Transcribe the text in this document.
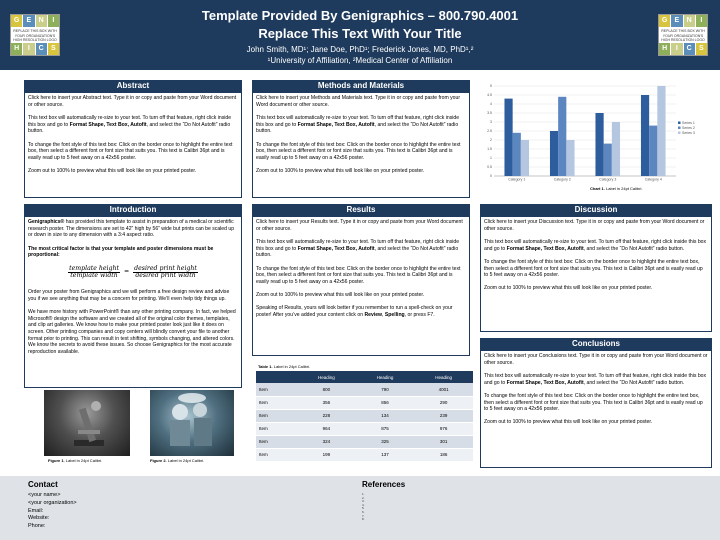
G	E	N	I
REPLACE THIS BOX WITH YOUR ORGANIZATION'S HIGH RESOLUTION LOGO
H	I	C	S
Template Provided By Genigraphics – 800.790.4001
Replace This Text With Your Title
John Smith, MD¹; Jane Doe, PhD¹; Frederick Jones, MD, PhD¹,²
¹University of Affiliation, ²Medical Center of Affiliation
G	E	N	I
REPLACE THIS BOX WITH YOUR ORGANIZATION'S HIGH RESOLUTION LOGO
H	I	C	S
Abstract

Click here to insert your Abstract text. Type it in or copy and paste from your Word document or other source.

This text box will automatically re-size to your text. To turn off that feature, right click inside this box and go to Format Shape, Text Box, Autofit, and select the “Do Not Autofit” radio button.

To change the font style of this text box: Click on the border once to highlight the entire text box, then select a different font or font size that suits you. This text is Calibri 36pt and is easily read up to 5 feet away on a 42x56 poster.

Zoom out to 100% to preview what this will look like on your printed poster.

Methods and Materials

Click here to insert your Methods and Materials text. Type it in or copy and paste from your Word document or other source.

This text box will automatically re-size to your text. To turn off that feature, right click inside this box and go to Format Shape, Text Box, Autofit, and select the “Do Not Autofit” radio button.

To change the font style of this text box: Click on the border once to highlight the entire text box, then select a different font or font size that suits you. This text is Calibri 36pt and is easily read up to 5 feet away on a 42x56 poster.

Zoom out to 100% to preview what this will look like on your printed poster.

0
0.5
1
1.5
2
2.5
3
3.5
4
4.5
5
Category 1	Category 2	Category 3	Category 4
Series 1
Series 2
Series 3
Chart 1. Label in 24pt Calibri.
Introduction

Genigraphics® has provided this template to assist in preparation of a medical or scientific research poster. The dimensions are set to 42” high by 56” wide but prints can be scaled up or down in size to any dimension with a 3:4 aspect ratio.

The most critical factor is that your template and poster dimensions must be proportional:

$\frac{\text{template height}}{\text{template width}} = \frac{\text{desired print height}}{\text{desired print width}}$

Order your poster from Genigraphics and we will perform a free design review and advise you if we see anything that may be a concern for printing. We’ll even help tidy things up.

We have more history with PowerPoint® than any other printing company. In fact, we helped Microsoft® design the software and we created all of the original color themes, templates, and clip art galleries. We know how to make your printed poster look just like it does on screen. Other printing companies and copy centers will blindly convert your file to another format prior to printing. This can result in text shifting, symbols changing, and altered colors. We know the secrets to avoid these issues. So choose Genigraphics for the most accurate reproduction available.

Figure 1. Label in 24pt Calibri.	Figure 2. Label in 24pt Calibri.
Results

Click here to insert your Results text. Type it in or copy and paste from your Word document or other source.

This text box will automatically re-size to your text. To turn off that feature, right click inside this box and go to Format Shape, Text Box, Autofit, and select the “Do Not Autofit” radio button.

To change the font style of this text box: Click on the border once to highlight the entire text box, then select a different font or font size that suits you. This text is Calibri 36pt and is easily read up to 5 feet away on a 42x56 poster.

Zoom out to 100% to preview what this will look like on your printed poster.

Speaking of Results, yours will look better if you remember to run a spell-check on your poster! After you’ve added your content click on Review, Spelling, or press F7.

Table 1. Label in 24pt Calibri.
	Heading	Heading	Heading
Item	800	790	4001
Item	356	856	290
Item	228	134	239
Item	964	875	976
Item	324	325	301
Item	199	137	186
Discussion

Click here to insert your Discussion text. Type it in or copy and paste from your Word document or other source.

This text box will automatically re-size to your text. To turn off that feature, right click inside this box and go to Format Shape, Text Box, Autofit, and select the “Do Not Autofit” radio button.

To change the font style of this text box: Click on the border once to highlight the entire text box, then select a different font or font size that suits you. This text is Calibri 36pt and is easily read up to 5 feet away on a 42x56 poster.

Zoom out to 100% to preview what this will look like on your printed poster.

Conclusions

Click here to insert your Conclusions text. Type it in or copy and paste from your Word document or other source.

This text box will automatically re-size to your text. To turn off that feature, right click inside this box and go to Format Shape, Text Box, Autofit, and select the “Do Not Autofit” radio button.

To change the font style of this text box: Click on the border once to highlight the entire text box, then select a different font or font size that suits you. This text is Calibri 36pt and is easily read up to 5 feet away on a 42x56 poster.

Zoom out to 100% to preview what this will look like on your printed poster.

Contact
<your name>
<your organization>
Email:
Website:
Phone:
References
1.
2.
3.
4.
5.
6.
7.
8.
